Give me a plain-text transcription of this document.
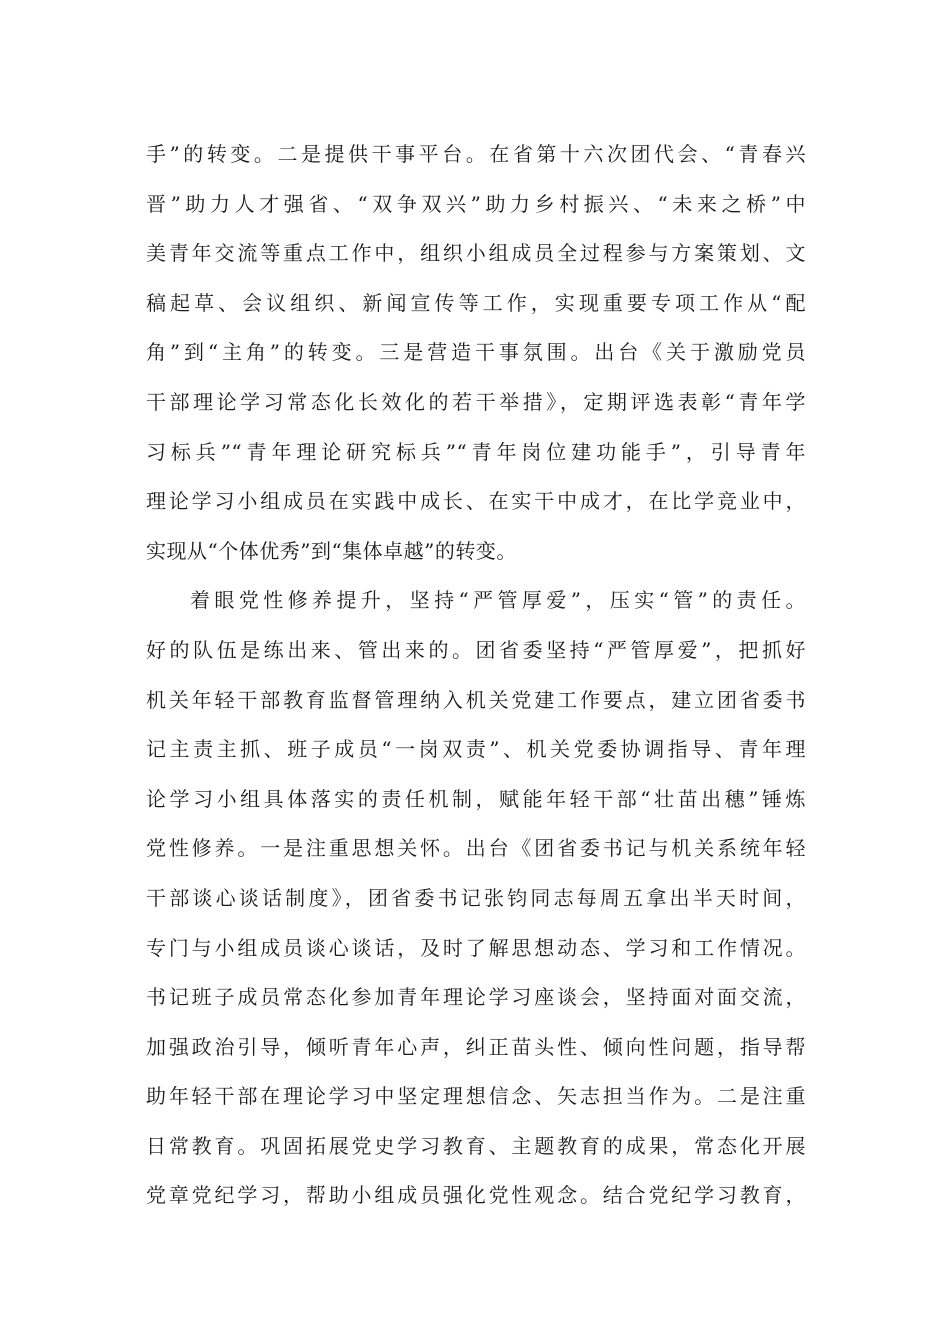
手”的转变。二是提供干事平台。在省第十六次团代会、“青春兴
晋”助力人才强省、“双争双兴”助力乡村振兴、“未来之桥”中
美青年交流等重点工作中，组织小组成员全过程参与方案策划、文
稿起草、会议组织、新闻宣传等工作，实现重要专项工作从“配
角”到“主角”的转变。三是营造干事氛围。出台《关于激励党员
干部理论学习常态化长效化的若干举措》，定期评选表彰“青年学
习标兵”“青年理论研究标兵”“青年岗位建功能手”，引导青年
理论学习小组成员在实践中成长、在实干中成才，在比学竞业中，
实现从“个体优秀”到“集体卓越”的转变。
着眼党性修养提升，坚持“严管厚爱”，压实“管”的责任。
好的队伍是练出来、管出来的。团省委坚持“严管厚爱”，把抓好
机关年轻干部教育监督管理纳入机关党建工作要点，建立团省委书
记主责主抓、班子成员“一岗双责”、机关党委协调指导、青年理
论学习小组具体落实的责任机制，赋能年轻干部“壮苗出穗”锤炼
党性修养。一是注重思想关怀。出台《团省委书记与机关系统年轻
干部谈心谈话制度》，团省委书记张钧同志每周五拿出半天时间，
专门与小组成员谈心谈话，及时了解思想动态、学习和工作情况。
书记班子成员常态化参加青年理论学习座谈会，坚持面对面交流，
加强政治引导，倾听青年心声，纠正苗头性、倾向性问题，指导帮
助年轻干部在理论学习中坚定理想信念、矢志担当作为。二是注重
日常教育。巩固拓展党史学习教育、主题教育的成果，常态化开展
党章党纪学习，帮助小组成员强化党性观念。结合党纪学习教育，
